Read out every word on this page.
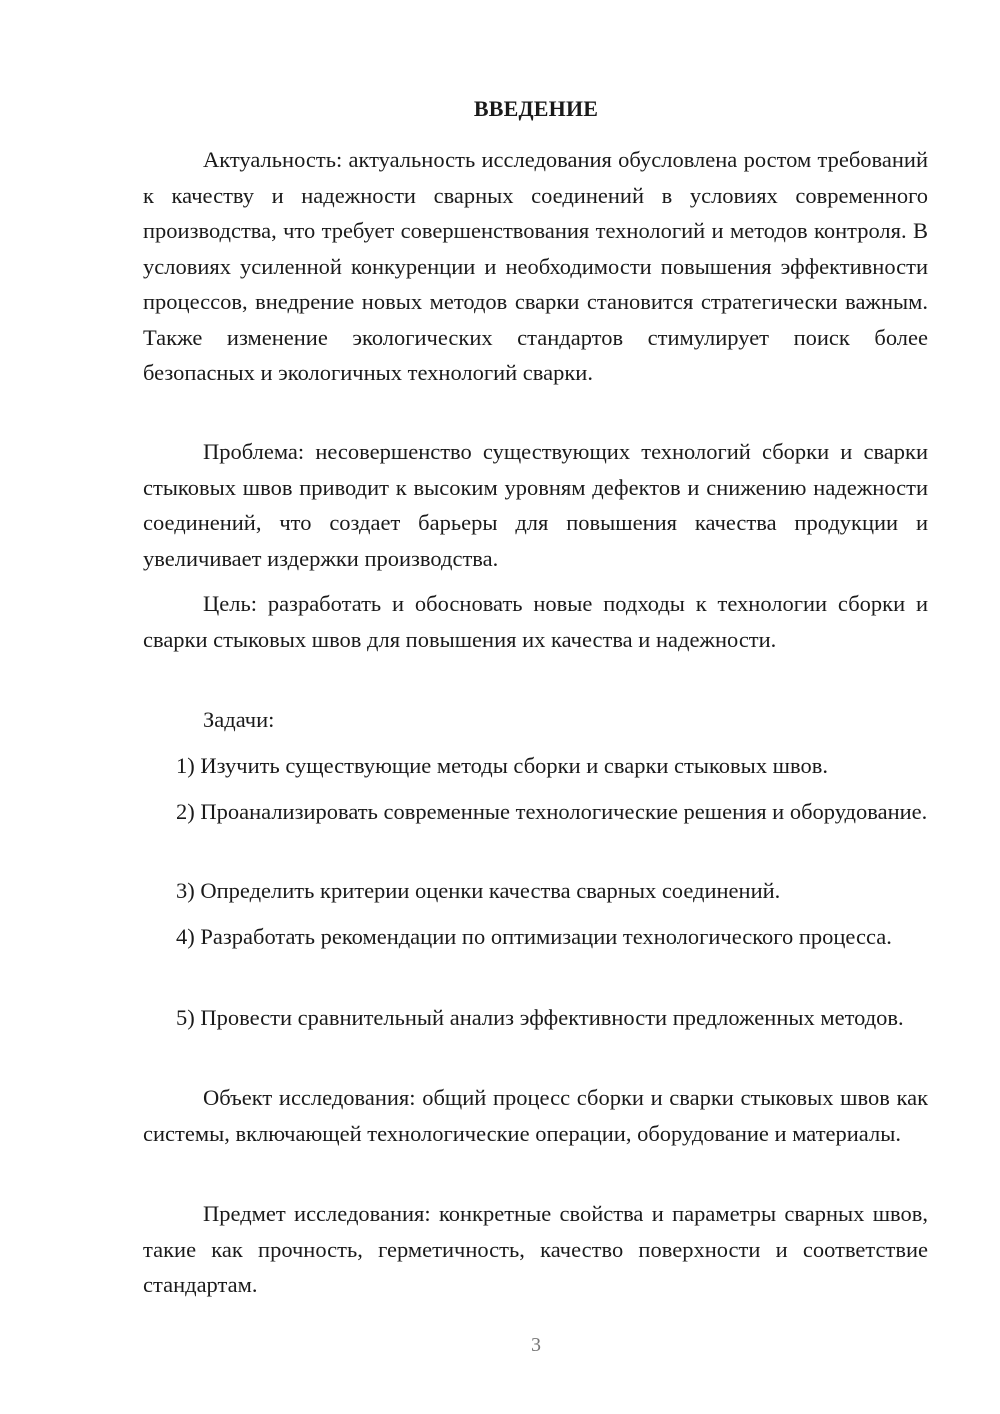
ВВЕДЕНИЕ

Актуальность: актуальность исследования обусловлена ростом требований к качеству и надежности сварных соединений в условиях современного производства, что требует совершенствования технологий и методов контроля. В условиях усиленной конкуренции и необходимости повышения эффективности процессов, внедрение новых методов сварки становится стратегически важным. Также изменение экологических стандартов стимулирует поиск более безопасных и экологичных технологий сварки.

Проблема: несовершенство существующих технологий сборки и сварки стыковых швов приводит к высоким уровням дефектов и снижению надежности соединений, что создает барьеры для повышения качества продукции и увеличивает издержки производства.

Цель: разработать и обосновать новые подходы к технологии сборки и сварки стыковых швов для повышения их качества и надежности.

Задачи:

1) Изучить существующие методы сборки и сварки стыковых швов.

2) Проанализировать современные технологические решения и оборудование.

3) Определить критерии оценки качества сварных соединений.

4) Разработать рекомендации по оптимизации технологического процесса.

5) Провести сравнительный анализ эффективности предложенных методов.

Объект исследования: общий процесс сборки и сварки стыковых швов как системы, включающей технологические операции, оборудование и материалы.

Предмет исследования: конкретные свойства и параметры сварных швов, такие как прочность, герметичность, качество поверхности и соответствие стандартам.

3
